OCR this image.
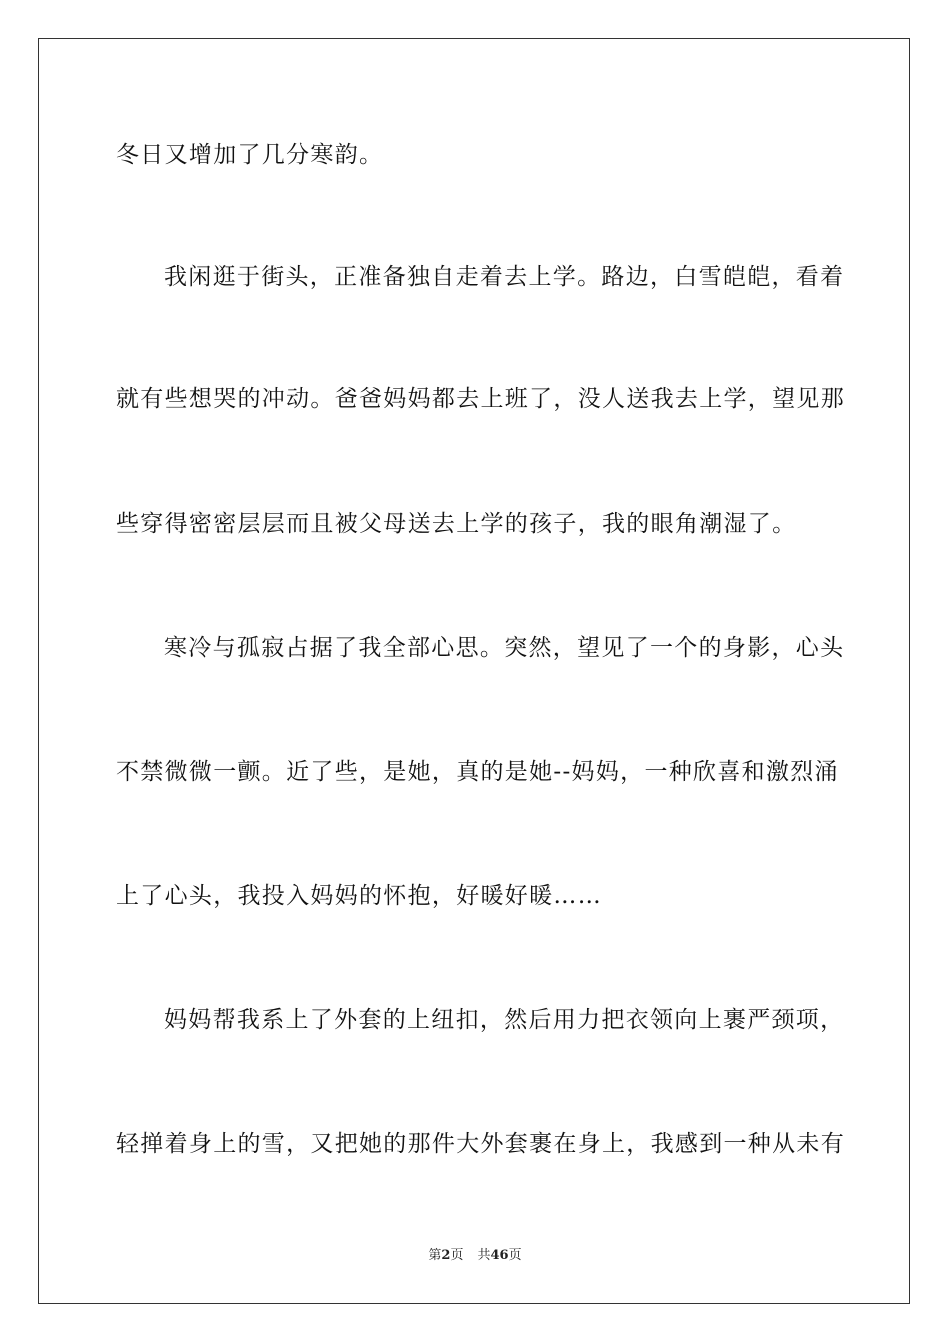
冬日又增加了几分寒韵。
我闲逛于街头，正准备独自走着去上学。路边，白雪皑皑，看着
就有些想哭的冲动。爸爸妈妈都去上班了，没人送我去上学，望见那
些穿得密密层层而且被父母送去上学的孩子，我的眼角潮湿了。
寒冷与孤寂占据了我全部心思。突然，望见了一个的身影，心头
不禁微微一颤。近了些，是她，真的是她--妈妈，一种欣喜和激烈涌
上了心头，我投入妈妈的怀抱，好暖好暖……
妈妈帮我系上了外套的上纽扣，然后用力把衣领向上裹严颈项，
轻掸着身上的雪，又把她的那件大外套裹在身上，我感到一种从未有
第2页 共46页
